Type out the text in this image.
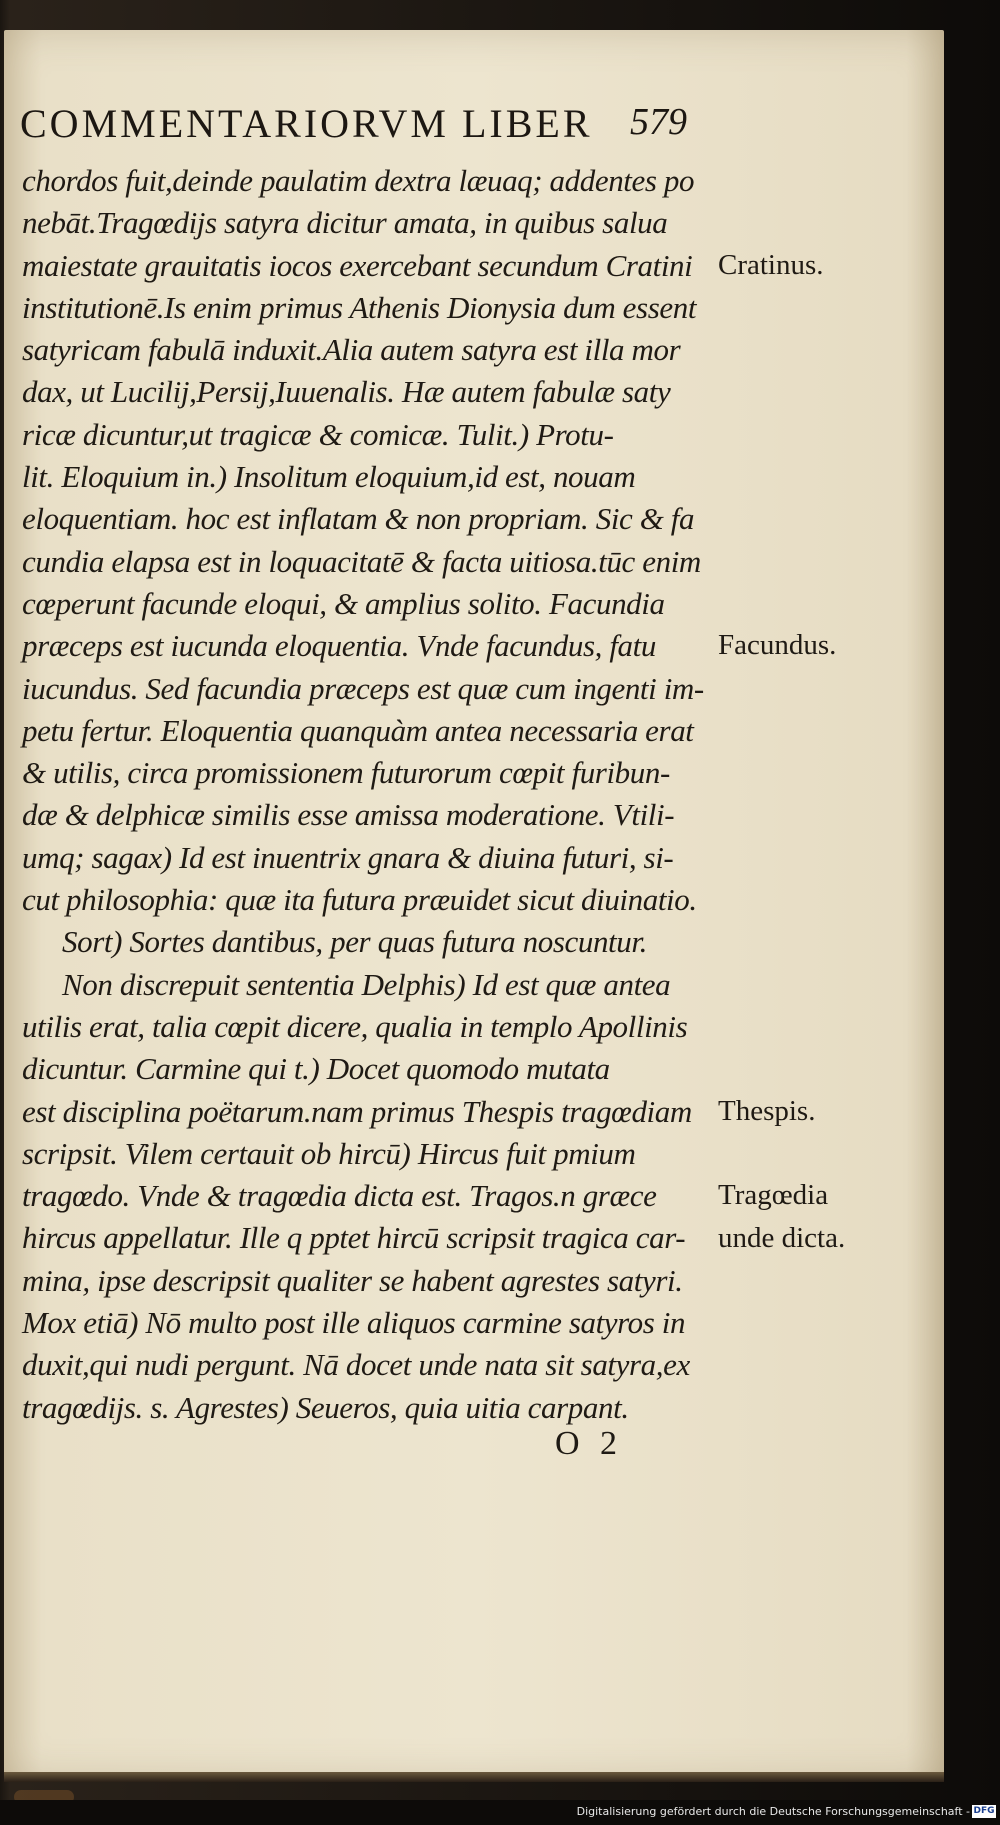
COMMENTARIORVM LIBER 579
chordos fuit,deinde paulatim dextra læuaq; addentes po
nebāt.Tragœdijs satyra dicitur amata, in quibus salua
maiestate grauitatis iocos exercebant secundum Cratini
institutionē.Is enim primus Athenis Dionysia dum essent
satyricam fabulā induxit.Alia autem satyra est illa mor
dax, ut Lucilij,Persij,Iuuenalis. Hæ autem fabulæ saty
ricæ dicuntur,ut tragicæ & comicæ. Tulit.) Protu-
lit. Eloquium in.) Insolitum eloquium,id est, nouam
eloquentiam. hoc est inflatam & non propriam. Sic & fa
cundia elapsa est in loquacitatē & facta uitiosa.tūc enim
cœperunt facunde eloqui, & amplius solito. Facundia
præceps est iucunda eloquentia. Vnde facundus, fatu
iucundus. Sed facundia præceps est quæ cum ingenti im-
petu fertur. Eloquentia quanquàm antea necessaria erat
& utilis, circa promissionem futurorum cœpit furibun-
dæ & delphicæ similis esse amissa moderatione. Vtili-
umq; sagax) Id est inuentrix gnara & diuina futuri, si-
cut philosophia: quæ ita futura præuidet sicut diuinatio.
Sort) Sortes dantibus, per quas futura noscuntur.
Non discrepuit sententia Delphis) Id est quæ antea
utilis erat, talia cœpit dicere, qualia in templo Apollinis
dicuntur. Carmine qui t.) Docet quomodo mutata
est disciplina poëtarum.nam primus Thespis tragœdiam
scripsit. Vilem certauit ob hircū) Hircus fuit pmium
tragœdo. Vnde & tragœdia dicta est. Tragos.n græce
hircus appellatur. Ille q pptet hircū scripsit tragica car-
mina, ipse descripsit qualiter se habent agrestes satyri.
Mox etiā) Nō multo post ille aliquos carmine satyros in
duxit,qui nudi pergunt. Nā docet unde nata sit satyra,ex
tragœdijs. s. Agrestes) Seueros, quia uitia carpant.
Cratinus.
Facundus.
Thespis.
Tragœdia
unde dicta.
O 2
Digitalisierung gefördert durch die Deutsche Forschungsgemeinschaft - DFG
